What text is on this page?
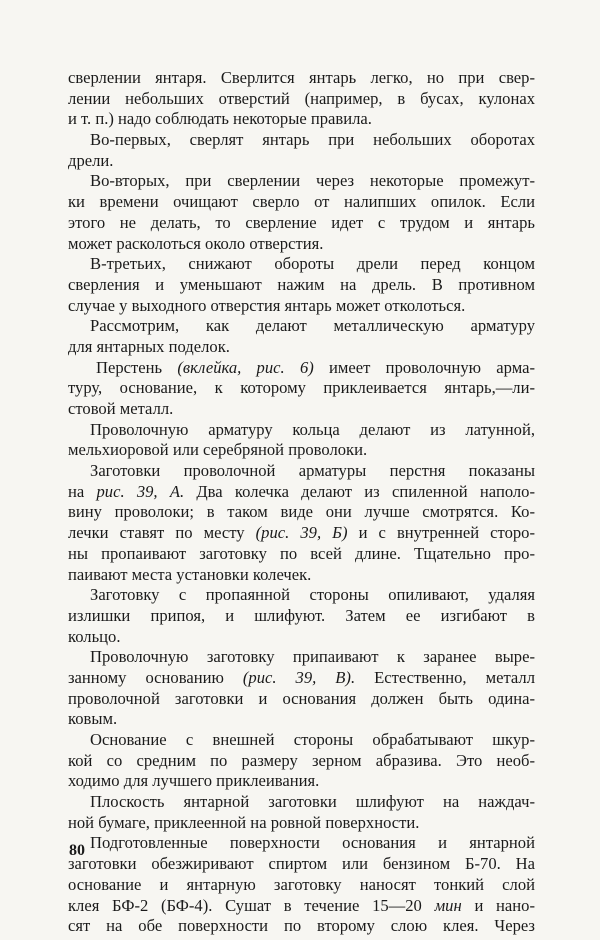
сверлении янтаря. Сверлится янтарь легко, но при свер-
лении небольших отверстий (например, в бусах, кулонах
и т. п.) надо соблюдать некоторые правила.
Во-первых, сверлят янтарь при небольших оборотах
дрели.
Во-вторых, при сверлении через некоторые промежут-
ки времени очищают сверло от налипших опилок. Если
этого не делать, то сверление идет с трудом и янтарь
может расколоться около отверстия.
В-третьих, снижают обороты дрели перед концом
сверления и уменьшают нажим на дрель. В противном
случае у выходного отверстия янтарь может отколоться.
Рассмотрим, как делают металлическую арматуру
для янтарных поделок.
Перстень (вклейка, рис. 6) имеет проволочную арма-
туру, основание, к которому приклеивается янтарь,—ли-
стовой металл.
Проволочную арматуру кольца делают из латунной,
мельхиоровой или серебряной проволоки.
Заготовки проволочной арматуры перстня показаны
на рис. 39, А. Два колечка делают из спиленной наполо-
вину проволоки; в таком виде они лучше смотрятся. Ко-
лечки ставят по месту (рис. 39, Б) и с внутренней сторо-
ны пропаивают заготовку по всей длине. Тщательно про-
паивают места установки колечек.
Заготовку с пропаянной стороны опиливают, удаляя
излишки припоя, и шлифуют. Затем ее изгибают в
кольцо.
Проволочную заготовку припаивают к заранее выре-
занному основанию (рис. 39, В). Естественно, металл
проволочной заготовки и основания должен быть одина-
ковым.
Основание с внешней стороны обрабатывают шкур-
кой со средним по размеру зерном абразива. Это необ-
ходимо для лучшего приклеивания.
Плоскость янтарной заготовки шлифуют на наждач-
ной бумаге, приклеенной на ровной поверхности.
Подготовленные поверхности основания и янтарной
заготовки обезжиривают спиртом или бензином Б-70. На
основание и янтарную заготовку наносят тонкий слой
клея БФ-2 (БФ-4). Сушат в течение 15—20 мин и нано-
сят на обе поверхности по второму слою клея. Через
80
